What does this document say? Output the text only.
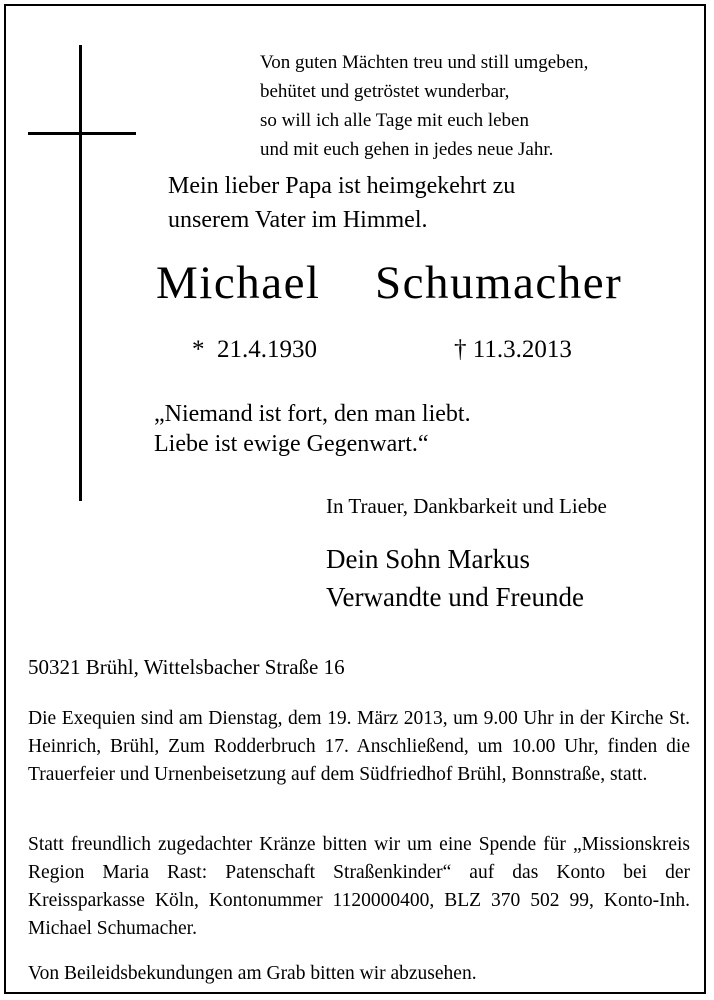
Von guten Mächten treu und still umgeben,
behütet und getröstet wunderbar,
so will ich alle Tage mit euch leben
und mit euch gehen in jedes neue Jahr.
Mein lieber Papa ist heimgekehrt zu
unserem Vater im Himmel.
Michael  Schumacher
*  21.4.1930	† 11.3.2013
„Niemand ist fort, den man liebt.
Liebe ist ewige Gegenwart.“
In Trauer, Dankbarkeit und Liebe
Dein Sohn Markus
Verwandte und Freunde
50321 Brühl, Wittelsbacher Straße 16
Die Exequien sind am Dienstag, dem 19. März 2013, um 9.00 Uhr in der Kirche St. Heinrich, Brühl, Zum Rodderbruch 17. Anschließend, um 10.00 Uhr, finden die Trauerfeier und Urnenbeisetzung auf dem Südfriedhof Brühl, Bonnstraße, statt.
Statt freundlich zugedachter Kränze bitten wir um eine Spende für „Missionskreis Region Maria Rast: Patenschaft Straßenkinder“ auf das Konto bei der Kreissparkasse Köln, Kontonummer 1120000400, BLZ 370 502 99, Konto-Inh. Michael Schumacher.
Von Beileidsbekundungen am Grab bitten wir abzusehen.
